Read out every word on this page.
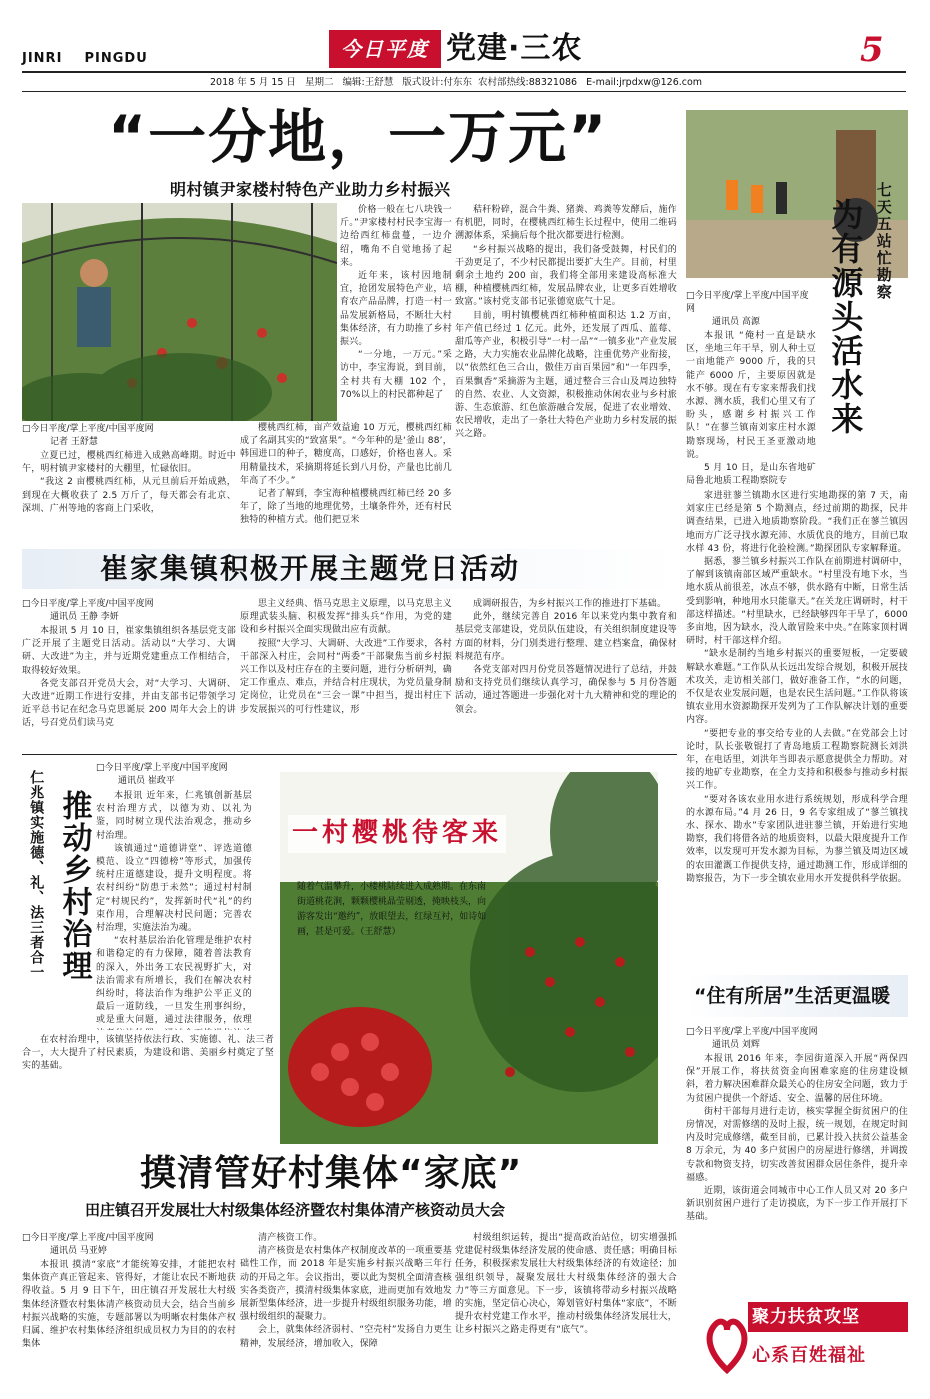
JINRI    PINGDU	今日平度 党建·三农	5
2018 年 5 月 15 日   星期二   编辑:王舒慧   版式设计:付东东  农村部热线:88321086   E-mail:jrpdxw@126.com
“一分地，一万元”
明村镇尹家楼村特色产业助力乡村振兴
□今日平度/掌上平度/中国平度网
记者 王舒慧

立夏已过，樱桃西红柿进入成熟高峰期。时近中午，明村镇尹家楼村的大棚里，忙碌依旧。

“我这 2 亩樱桃西红柿，从元旦前后开始成熟，到现在大概收获了 2.5 万斤了，每天都会有北京、深圳、广州等地的客商上门采收，

价格一般在七八块钱一斤。”尹家楼村村民李宝海一边给西红柿盘蔓，一边介绍，嘴角不自觉地扬了起来。

近年来，该村因地制宜，抢团发展特色产业，培育农产品品牌，打造一村一品发展新格局，不断壮大村集体经济，有力助推了乡村振兴。

“一分地，一万元。”采访中，李宝海说，到目前，全村共有大棚 102 个，70%以上的村民都种起了

樱桃西红柿，亩产效益逾 10 万元，樱桃西红柿成了名副其实的“致富果”。“今年种的是‘釜山 88’，韩国进口的种子，糖度高，口感好，价格也喜人。采用精量技术，采摘期将延长到八月份，产量也比前几年高了不少。”

记者了解到，李宝海种植樱桃西红柿已经 20 多年了，除了当地的地理优势，土壤条件外，还有村民独特的种植方式。他们把豆米

秸秆粉碎，混合牛粪、猪粪、鸡粪等发酵后，施作有机肥，同时，在樱桃西红柿生长过程中，使用二维码溯源体系，采摘后每个批次都要进行检测。

“乡村振兴战略的提出，我们备受鼓舞，村民们的干劲更足了，不少村民都提出要扩大生产。目前，村里剩余土地约 200 亩，我们将全部用来建设高标准大棚，种植樱桃西红柿，发展品牌农业，让更多百姓增收致富。”该村党支部书记张德宽底气十足。

目前，明村镇樱桃西红柿种植面积达 1.2 万亩，年产值已经过 1 亿元。此外，还发展了西瓜、蓝莓、甜瓜等产业，积极引导“一村一品”“一镇多业”产业发展之路，大力实施农业品牌化战略，注重优势产业衔接，以“依然红色三合山，傲佳万亩百果园”和“一年四季，百果飘香”采摘游为主题，通过整合三合山及周边独特的自然、农业、人文资源，积极推动休闲农业与乡村旅游、生态旅游、红色旅游融合发展，促进了农业增效、农民增收，走出了一条壮大特色产业助力乡村发展的振兴之路。

崔家集镇积极开展主题党日活动
□今日平度/掌上平度/中国平度网
通讯员 王静 李妍

本报讯 5 月 10 日，崔家集镇组织各基层党支部广泛开展了主题党日活动。活动以“大学习、大调研、大改进”为主，并与近期党建重点工作相结合，取得较好效果。

各党支部召开党员大会，对“大学习、大调研、大改进”近期工作进行安排，并由支部书记带领学习近平总书记在纪念马克思诞辰 200 周年大会上的讲话，号召党员们读马克

思主义经典、悟马克思主义原理，以马克思主义原理武装头脑、积极发挥“排头兵”作用，为党的建设和乡村振兴全面实现做出应有贡献。

按照“大学习、大调研、大改进”工作要求，各村干部深入村庄，会同村“两委”干部聚焦当前乡村振兴工作以及村庄存在的主要问题，进行分析研判，确定工作重点、难点，并结合村庄现状，为党员量身制定岗位，让党员在“三会一课”中担当，提出村庄下步发展振兴的可行性建议，形

成调研报告，为乡村振兴工作的推进打下基础。

此外，继续完善自 2016 年以来党内集中教育和基层党支部建设，党员队伍建设，有关组织制度建设等方面的材料，分门别类进行整理、建立档案盒，确保材料规范有序。

各党支部对四月份党员答题情况进行了总结，并鼓励和支持党员们继续认真学习，确保参与 5 月份答题活动，通过答题进一步强化对十九大精神和党的理论的领会。

仁兆镇实施德、礼、法三者合一 推动乡村治理
□今日平度/掌上平度/中国平度网
通讯员 崔政平

本报讯 近年来，仁兆镇创新基层农村治理方式，以德为劝、以礼为鉴，同时树立现代法治观念，推动乡村治理。

该镇通过“道德讲堂”、评选道德模范、设立“四德榜”等形式，加强传统村庄道德建设，提升文明程度。将农村纠纷“防患于未然”；通过村村制定“村规民约”，发挥新时代“礼”的约束作用，合理解决村民问题；完善农村治理，实施法治为魂。

“农村基层治治化管理是维护农村和谐稳定的有力保障，随着普法教育的深入，外出务工农民视野扩大，对法治需求有所增长，我们在解决农村纠纷时，将法治作为维护公平正义的最后一道防线，一旦发生刑事纠纷，或是重大问题，通过法律服务，依理

在农村治理中，该镇坚持依法行政、实施德、礼、法三者合一，大大提升了村民素质，为建设和谐、美丽乡村奠定了坚实的基础。

一村樱桃待客来
随着气温攀升，小楼桃陆续进入成熟期。在东南街道桃花涧，颗颗樱桃晶莹剔透，掩映枝头，向游客发出“邀约”，放眼望去，红绿互衬，如诗如画，甚是可爱。（王舒慧）
为有源头活水来 七天五站忙勘察
□今日平度/掌上平度/中国平度网
通讯员 高源

本报讯 “俺村一直是缺水区，坐地三年干旱，别人种土豆一亩地能产 9000 斤，我的只能产 6000 斤，主要原因就是水不够。现在有专家来帮我们找水源、测水质，我们心里又有了盼头，感谢乡村振兴工作队！”在蓼兰镇南刘家庄村水源勘察现场，村民王圣亚激动地说。

5 月 10 日，是山东省地矿局鲁北地质工程勘察院专

家进驻蓼兰镇勘水区进行实地勘探的第 7 天，南刘家庄已经是第 5 个勘测点，经过前期的勘探，民井调查结果，已进入地质勘察阶段。“我们正在蓼兰镇因地而方广泛寻找水源充沛、水质优良的地方，目前已取水样 43 份，将进行化验检测。”勘探团队专家解释道。

据悉，蓼兰镇乡村振兴工作队在前期进村调研中，了解到该镇南部区域严重缺水。“村里没有地下水，当地水质从前很差，冰点不够，供水路有中断，日常生活受到影响，种地用水只能靠天。”在关龙庄调研时，村干部这样描述。“村里缺水，已经缺够四年干旱了，6000 多亩地，因为缺水，没人敢冒险来中央。”在陈家顶村调研时，村干部这样介绍。

“缺水是制约当地乡村振兴的重要短板，一定要破解缺水难题。”工作队从长远出发综合规划，积极开展技术攻关，走访相关部门，做好准备工作，“水的问题，不仅是农业发展问题，也是农民生活问题。”工作队将该镇农业用水资源勘探开发列为了工作队解决计划的重要内容。

“要把专业的事交给专业的人去做。”在党部会上讨论时，队长张敬锟打了青岛地质工程勘察院测长刘洪年，在电话里，刘洪年当即表示愿意提供全力帮助。对接的地矿专业勘察，在全力支持和积极参与推动乡村振兴工作。

“要对各该农业用水进行系统规划，形成科学合理的水源布局。”4 月 26 日，9 名专家组成了“蓼兰镇找水、探水、勘水”专家团队进驻蓼兰镇，开始进行实地勘察，我们将借各站的地质资料，以最大限度提升工作效率，以发现可开发水源为目标，为蓼兰镇及周边区域的农田灌溉工作提供支持，通过勘测工作，形成详细的勘察报告，为下一步全镇农业用水开发提供科学依据。

“住有所居”生活更温暖
□今日平度/掌上平度/中国平度网
通讯员 刘辉

本报讯 2016 年来，李园街道深入开展“两保四保”开展工作，将扶贫资金向困难家庭的住房建设倾斜，着力解决困难群众最关心的住房安全问题，致力于为贫困户提供一个舒适、安全、温馨的居住环境。

街村干部每月进行走访，核实掌握全街贫困户的住房情况，对需修缮的及时上报，统一规划，在规定时间内及时完成修缮，截至目前，已累计投入扶贫公益基金 8 万余元，为 40 多户贫困户的房屋进行修缮，并调拨专款和物资支持，切实改善贫困群众居住条件，提升幸福感。

近期，该街道会同城市中心工作人员又对 20 多户新识别贫困户进行了走访摸底，为下一步工作开展打下基础。

摸清管好村集体“家底”
田庄镇召开发展壮大村级集体经济暨农村集体清产核资动员大会
□今日平度/掌上平度/中国平度网
通讯员 马亚婷

本报讯 摸清“家底”才能统筹安排，才能把农村集体资产真正管起来、管得好，才能让农民不断地获得收益。5 月 9 日下午，田庄镇召开发展壮大村级集体经济暨农村集体清产核资动员大会，结合当前乡村振兴战略的实施，专题部署以为明晰农村集体产权归属、维护农村集体经济组织成员权力为目的的农村集体

清产核资工作。

清产核资是农村集体产权制度改革的一项重要基础性工作，而 2018 年是实施乡村振兴战略三年行动的开局之年。会议指出，要以此为契机全面清查核实各类资产，摸清村级集体家底，进而更加有效地发展新型集体经济，进一步提升村级组织服务功能，增强村级组织的凝聚力。

会上，就集体经济弱村、“空壳村”发扬自力更生精神，发展经济，增加收入，保障

村级组织运转，提出“提高政治站位，切实增强抓党建促村级集体经济发展的使命感、责任感；明确目标任务，积极探索发展壮大村级集体经济的有效途径；加强组织领导，凝聚发展壮大村级集体经济的强大合力”等三方面意见。下一步，该镇将带动乡村振兴战略的实施，坚定信心决心，筹划管好村集体“家底”，不断提升农村党建工作水平，推动村级集体经济发展壮大，让乡村振兴之路走得更有“底气”。

聚力扶贫攻坚
心系百姓福祉
